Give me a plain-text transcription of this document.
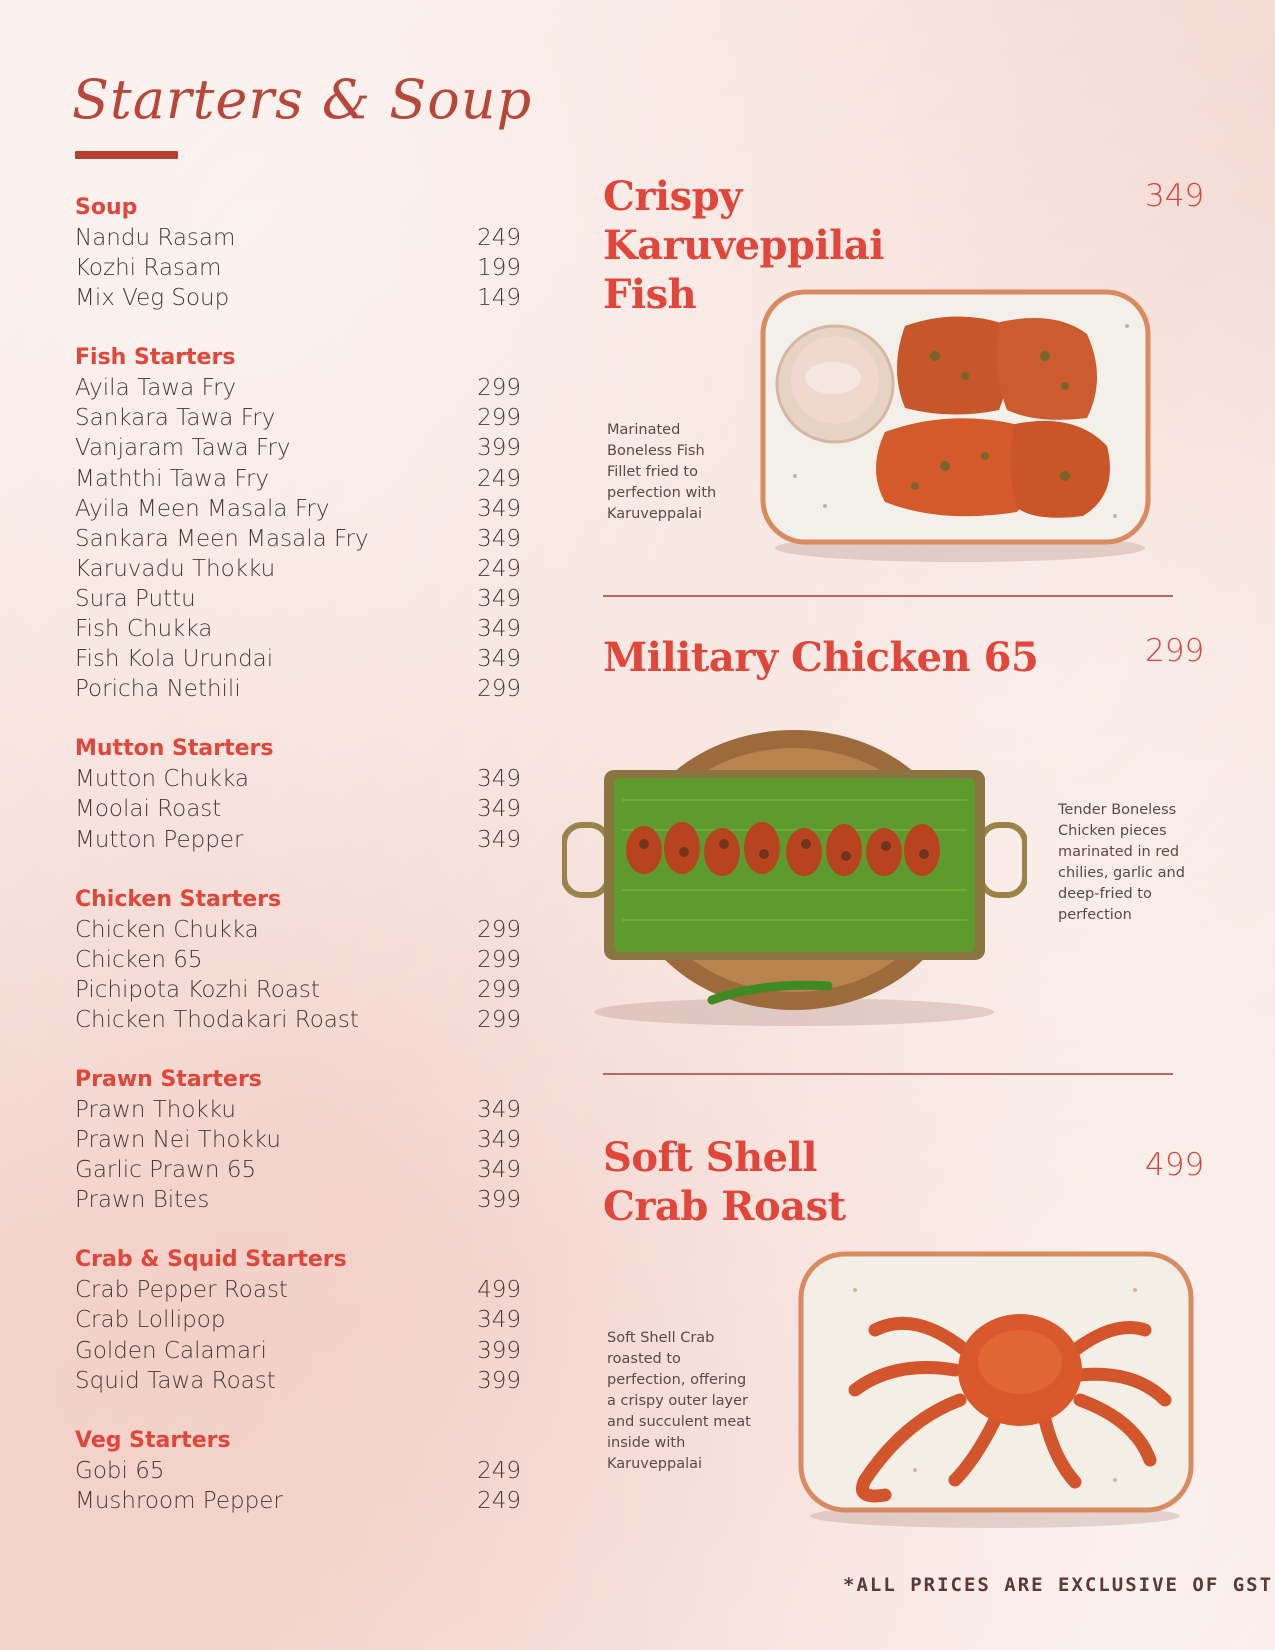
Starters & Soup
Soup
Nandu Rasam	249
Kozhi Rasam	199
Mix Veg Soup	149
Fish Starters
Ayila Tawa Fry	299
Sankara Tawa Fry	299
Vanjaram Tawa Fry	399
Maththi Tawa Fry	249
Ayila Meen Masala Fry	349
Sankara Meen Masala Fry	349
Karuvadu Thokku	249
Sura Puttu	349
Fish Chukka	349
Fish Kola Urundai	349
Poricha Nethili	299
Mutton Starters
Mutton Chukka	349
Moolai Roast	349
Mutton Pepper	349
Chicken Starters
Chicken Chukka	299
Chicken 65	299
Pichipota Kozhi Roast	299
Chicken Thodakari Roast	299
Prawn Starters
Prawn Thokku	349
Prawn Nei Thokku	349
Garlic Prawn 65	349
Prawn Bites	399
Crab & Squid Starters
Crab Pepper Roast	499
Crab Lollipop	349
Golden Calamari	399
Squid Tawa Roast	399
Veg Starters
Gobi 65	249
Mushroom Pepper	249
Crispy
Karuveppilai
Fish
349
Marinated
Boneless Fish
Fillet fried to
perfection with
Karuveppalai
Military Chicken 65	299
Tender Boneless
Chicken pieces
marinated in red
chilies, garlic and
deep-fried to
perfection
Soft Shell
Crab Roast
499
Soft Shell Crab
roasted to
perfection, offering
a crispy outer layer
and succulent meat
inside with
Karuveppalai
*ALL PRICES ARE EXCLUSIVE OF GST
